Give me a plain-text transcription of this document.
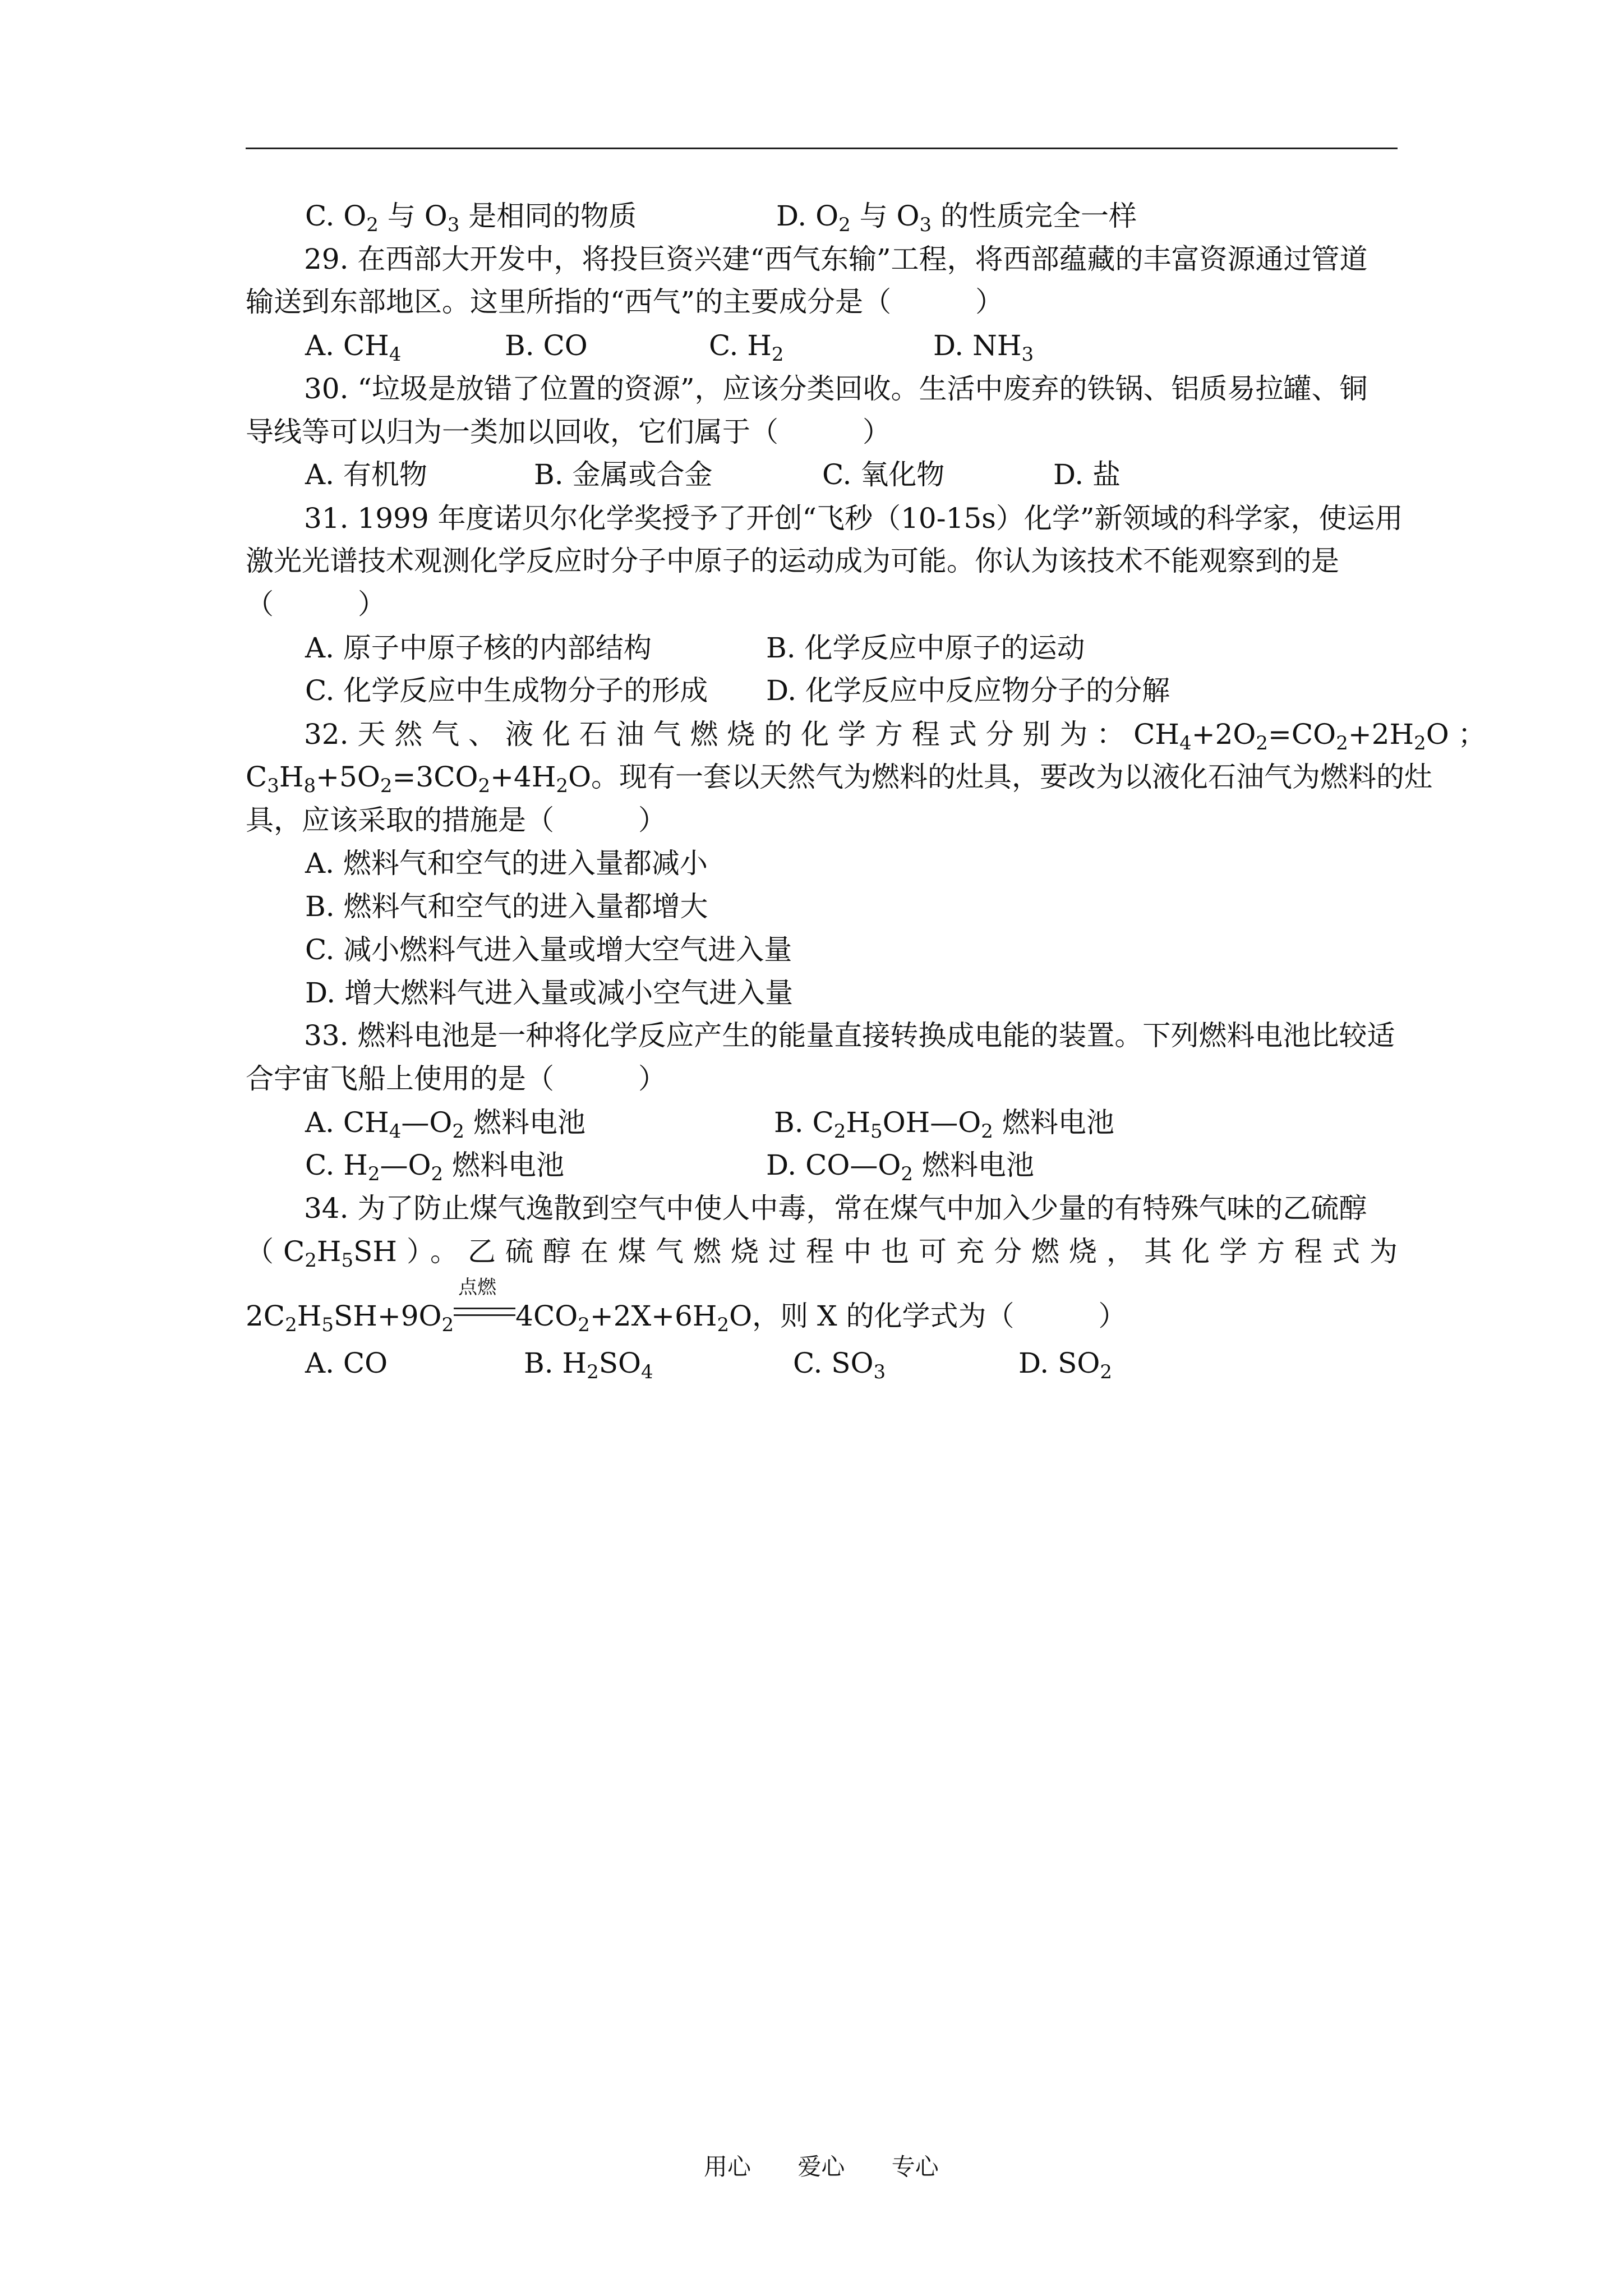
C. $O_2$ 与 $O_3$ 是相同的物质	D. $O_2$ 与 $O_3$ 的性质完全一样
29. 在西部大开发中，将投巨资兴建“西气东输”工程，将西部蕴藏的丰富资源通过管道
输送到东部地区。这里所指的“西气”的主要成分是（　　　）
A. $CH_4$	B. CO	C. $H_2$	D. $NH_3$
30. “垃圾是放错了位置的资源”，应该分类回收。生活中废弃的铁锅、铝质易拉罐、铜
导线等可以归为一类加以回收，它们属于（　　　）
A. 有机物	B. 金属或合金	C. 氧化物	D. 盐
31. 1999 年度诺贝尔化学奖授予了开创“飞秒（10-15s）化学”新领域的科学家，使运用
激光光谱技术观测化学反应时分子中原子的运动成为可能。你认为该技术不能观察到的是
（　　　）
A. 原子中原子核的内部结构	B. 化学反应中原子的运动
C. 化学反应中生成物分子的形成 D. 化学反应中反应物分子的分解
32. 天 然 气 、 液 化 石 油 气 燃 烧 的 化 学 方 程 式 分 别 为 ： $CH_4+2O_2=CO_2+2H_2O$ ；
$C_3H_8+5O_2=3CO_2+4H_2O$。现有一套以天然气为燃料的灶具，要改为以液化石油气为燃料的灶
具，应该采取的措施是（　　　）
A. 燃料气和空气的进入量都减小
B. 燃料气和空气的进入量都增大
C. 减小燃料气进入量或增大空气进入量
D. 增大燃料气进入量或减小空气进入量
33. 燃料电池是一种将化学反应产生的能量直接转换成电能的装置。下列燃料电池比较适
合宇宙飞船上使用的是（　　　）
A. $CH_4—O_2$ 燃料电池	B. $C_2H_5OH—O_2$ 燃料电池
C. $H_2—O_2$ 燃料电池	D. $CO—O_2$ 燃料电池
34. 为了防止煤气逸散到空气中使人中毒，常在煤气中加入少量的有特殊气味的乙硫醇
$(C_2H_5SH)$。乙硫醇在煤气燃烧过程中也可充分燃烧，其化学方程式为
$2C_2H_5SH+9O_2$
点燃
$4CO_2+2X+6H_2O$，则 X 的化学式为（　　　）
A. CO	B. $H_2SO_4$	C. $SO_3$	D. $SO_2$
用心 爱心 专心
